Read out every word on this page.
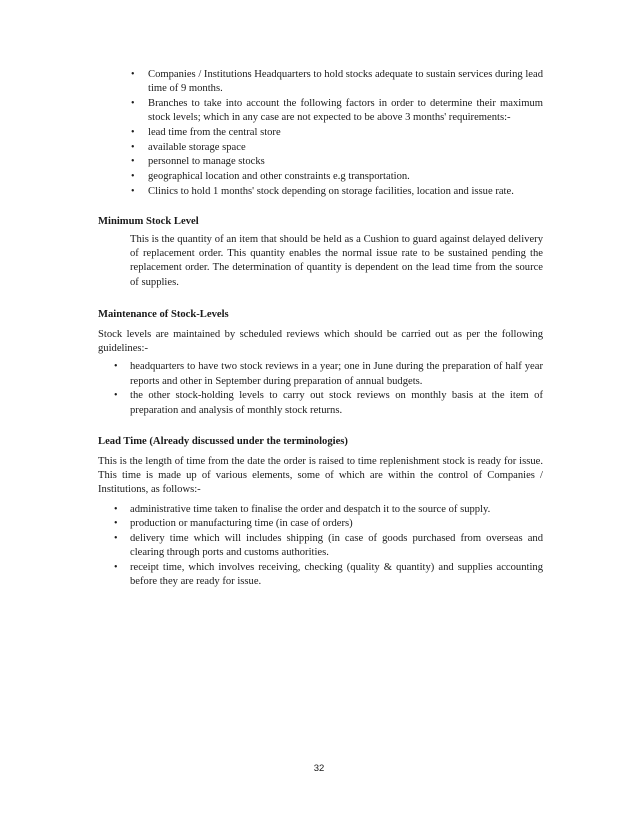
• Companies / Institutions Headquarters to hold stocks adequate to sustain services during lead time of 9 months.
• Branches to take into account the following factors in order to determine their maximum stock levels; which in any case are not expected to be above 3 months' requirements:-
• lead time from the central store
• available storage space
• personnel to manage stocks
• geographical location and other constraints e.g transportation.
• Clinics to hold 1 months' stock depending on storage facilities, location and issue rate.
Minimum Stock Level

This is the quantity of an item that should be held as a Cushion to guard against delayed delivery of replacement order. This quantity enables the normal issue rate to be sustained pending the replacement order. The determination of quantity is dependent on the lead time from the source of supplies.

Maintenance of Stock-Levels

Stock levels are maintained by scheduled reviews which should be carried out as per the following guidelines:-

• headquarters to have two stock reviews in a year; one in June during the preparation of half year reports and other in September during preparation of annual budgets.
• the other stock-holding levels to carry out stock reviews on monthly basis at the item of preparation and analysis of monthly stock returns.
Lead Time (Already discussed under the terminologies)

This is the length of time from the date the order is raised to time replenishment stock is ready for issue. This time is made up of various elements, some of which are within the control of Companies / Institutions, as follows:-

• administrative time taken to finalise the order and despatch it to the source of supply.
• production or manufacturing time (in case of orders)
• delivery time which will includes shipping (in case of goods purchased from overseas and clearing through ports and customs authorities.
• receipt time, which involves receiving, checking (quality & quantity) and supplies accounting before they are ready for issue.
32
